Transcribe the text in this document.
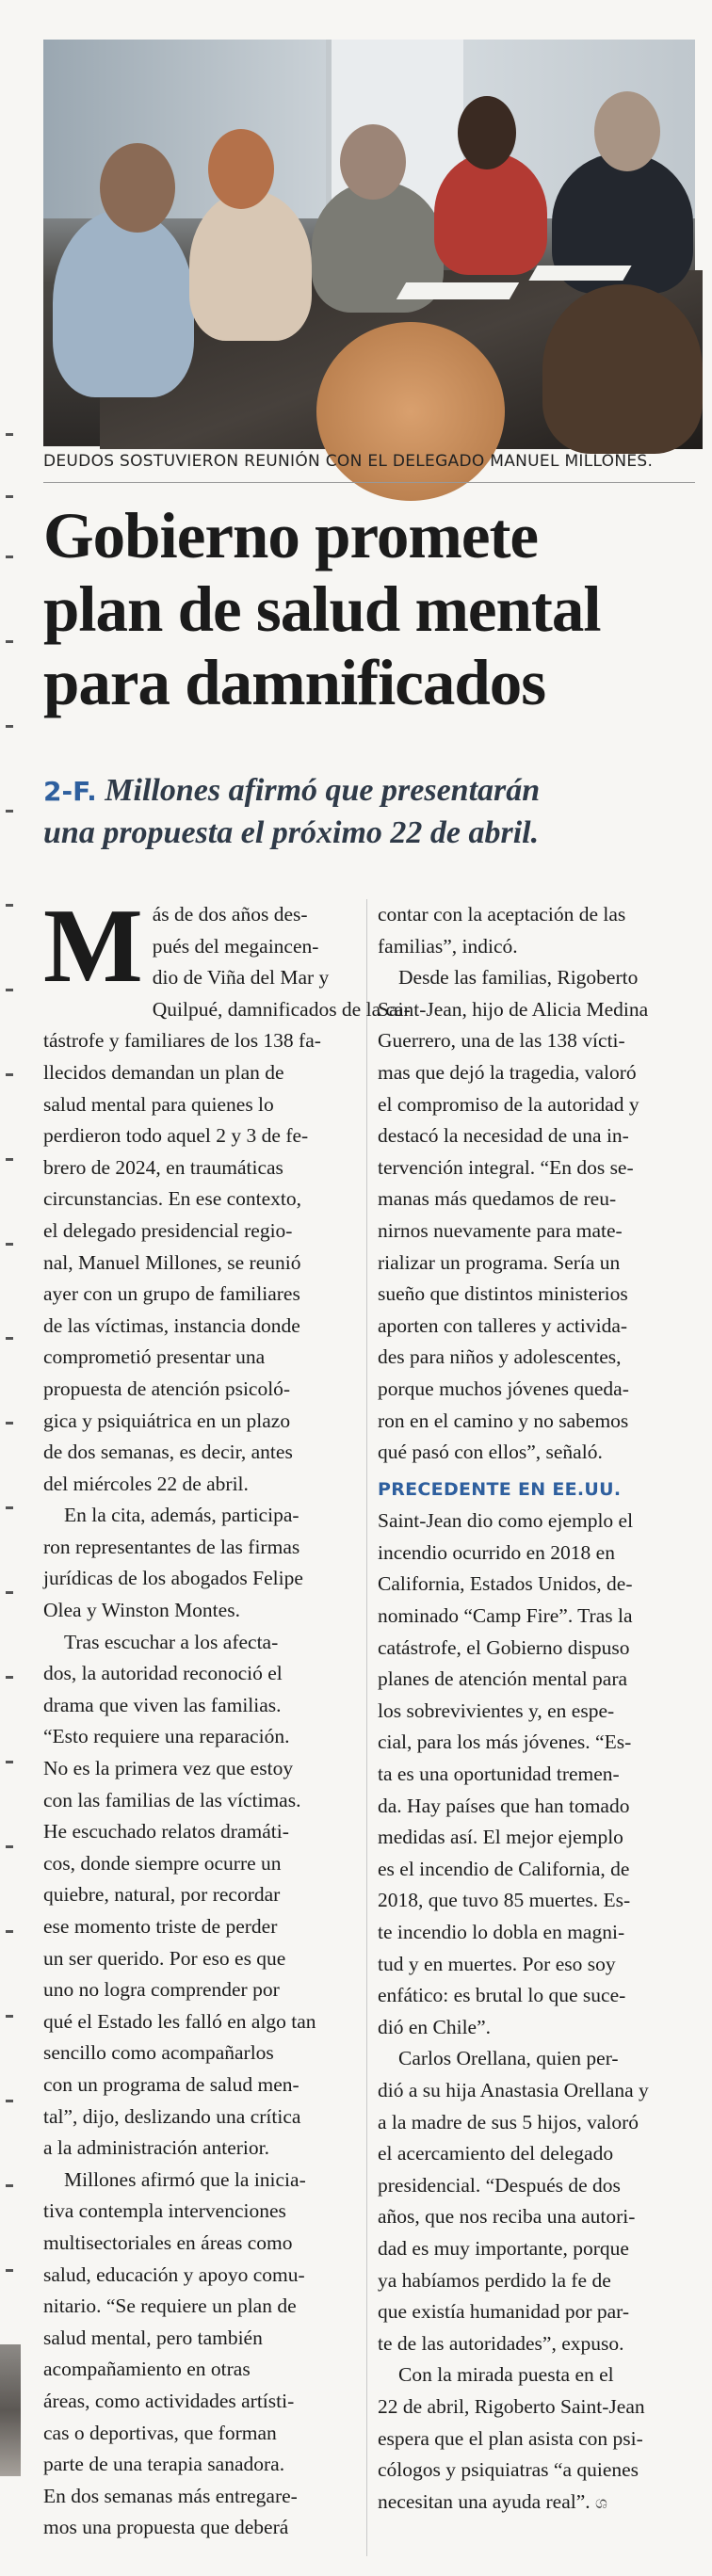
DEUDOS SOSTUVIERON REUNIÓN CON EL DELEGADO MANUEL MILLONES.
Gobierno promete
plan de salud mental
para damnificados
2-F. Millones afirmó que presentarán
una propuesta el próximo 22 de abril.
M ás de dos años des-
pués del megaincen-
dio de Viña del Mar y
Quilpué, damnificados de la ca-
tástrofe y familiares de los 138 fa-
llecidos demandan un plan de
salud mental para quienes lo
perdieron todo aquel 2 y 3 de fe-
brero de 2024, en traumáticas
circunstancias. En ese contexto,
el delegado presidencial regio-
nal, Manuel Millones, se reunió
ayer con un grupo de familiares
de las víctimas, instancia donde
comprometió presentar una
propuesta de atención psicoló-
gica y psiquiátrica en un plazo
de dos semanas, es decir, antes
del miércoles 22 de abril.

En la cita, además, participa-
ron representantes de las firmas
jurídicas de los abogados Felipe
Olea y Winston Montes.

Tras escuchar a los afecta-
dos, la autoridad reconoció el
drama que viven las familias.
“Esto requiere una reparación.
No es la primera vez que estoy
con las familias de las víctimas.
He escuchado relatos dramáti-
cos, donde siempre ocurre un
quiebre, natural, por recordar
ese momento triste de perder
un ser querido. Por eso es que
uno no logra comprender por
qué el Estado les falló en algo tan
sencillo como acompañarlos
con un programa de salud men-
tal”, dijo, deslizando una crítica
a la administración anterior.

Millones afirmó que la inicia-
tiva contempla intervenciones
multisectoriales en áreas como
salud, educación y apoyo comu-
nitario. “Se requiere un plan de
salud mental, pero también
acompañamiento en otras
áreas, como actividades artísti-
cas o deportivas, que forman
parte de una terapia sanadora.
En dos semanas más entregare-
mos una propuesta que deberá

contar con la aceptación de las
familias”, indicó.

Desde las familias, Rigoberto
Saint-Jean, hijo de Alicia Medina
Guerrero, una de las 138 vícti-
mas que dejó la tragedia, valoró
el compromiso de la autoridad y
destacó la necesidad de una in-
tervención integral. “En dos se-
manas más quedamos de reu-
nirnos nuevamente para mate-
rializar un programa. Sería un
sueño que distintos ministerios
aporten con talleres y activida-
des para niños y adolescentes,
porque muchos jóvenes queda-
ron en el camino y no sabemos
qué pasó con ellos”, señaló.

PRECEDENTE EN EE.UU.

Saint-Jean dio como ejemplo el
incendio ocurrido en 2018 en
California, Estados Unidos, de-
nominado “Camp Fire”. Tras la
catástrofe, el Gobierno dispuso
planes de atención mental para
los sobrevivientes y, en espe-
cial, para los más jóvenes. “Es-
ta es una oportunidad tremen-
da. Hay países que han tomado
medidas así. El mejor ejemplo
es el incendio de California, de
2018, que tuvo 85 muertes. Es-
te incendio lo dobla en magni-
tud y en muertes. Por eso soy
enfático: es brutal lo que suce-
dió en Chile”.

Carlos Orellana, quien per-
dió a su hija Anastasia Orellana y
a la madre de sus 5 hijos, valoró
el acercamiento del delegado
presidencial. “Después de dos
años, que nos reciba una autori-
dad es muy importante, porque
ya habíamos perdido la fe de
que existía humanidad por par-
te de las autoridades”, expuso.

Con la mirada puesta en el
22 de abril, Rigoberto Saint-Jean
espera que el plan asista con psi-
cólogos y psiquiatras “a quienes
necesitan una ayuda real”. ශ
